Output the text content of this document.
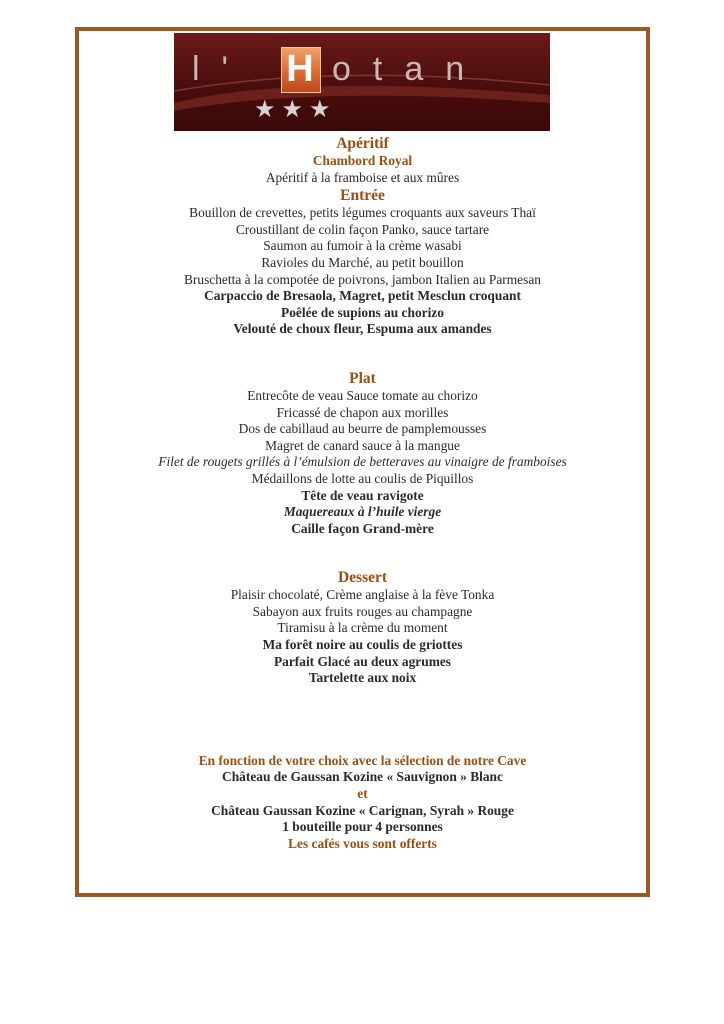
l' H otan
★★★
Apéritif
Chambord Royal
Apéritif à la framboise et aux mûres
Entrée
Bouillon de crevettes, petits légumes croquants aux saveurs Thaï
Croustillant de colin façon Panko, sauce tartare
Saumon au fumoir à la crème wasabi
Ravioles du Marché, au petit bouillon
Bruschetta à la compotée de poivrons, jambon Italien au Parmesan
Carpaccio de Bresaola, Magret, petit Mesclun croquant
Poêlée de supions au chorizo
Velouté de choux fleur, Espuma aux amandes
Plat
Entrecôte de veau Sauce tomate au chorizo
Fricassé de chapon aux morilles
Dos de cabillaud au beurre de pamplemousses
Magret de canard sauce à la mangue
Filet de rougets grillés à l’émulsion de betteraves au vinaigre de framboises
Médaillons de lotte au coulis de Piquillos
Tête de veau ravigote
Maquereaux à l’huile vierge
Caille façon Grand-mère
Dessert
Plaisir chocolaté, Crème anglaise à la fève Tonka
Sabayon aux fruits rouges au champagne
Tiramisu à la crème du moment
Ma forêt noire au coulis de griottes
Parfait Glacé au deux agrumes
Tartelette aux noix
En fonction de votre choix avec la sélection de notre Cave
Château de Gaussan Kozine « Sauvignon » Blanc
et
Château Gaussan Kozine « Carignan, Syrah » Rouge
1 bouteille pour 4 personnes
Les cafés vous sont offerts
